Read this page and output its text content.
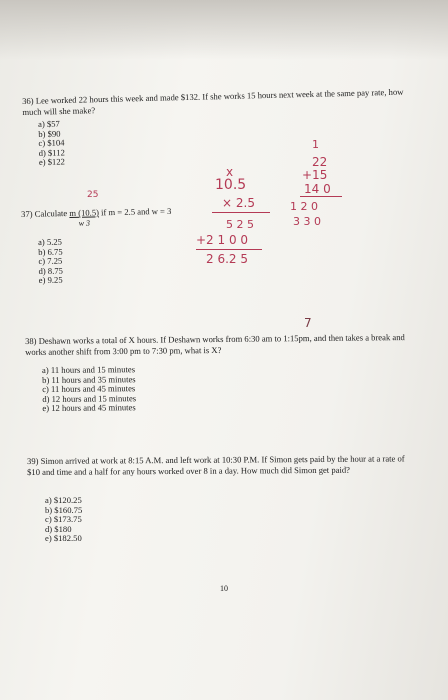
36) Lee worked 22 hours this week and made $132. If she works 15 hours next week at the same pay rate, how much will she make?
a) $57
b) $90
c) $104
d) $112
e) $122
37) Calculate $\frac{m (10.5)}{w 3}$ if m = 2.5 and w = 3
a) 5.25
b) 6.75
c) 7.25
d) 8.75
e) 9.25
1
22
+15
14 0
1 2 0
3 3 0
25
x
10.5
× 2.5
5 2 5
+2 1 0 0
2 6.2 5
7
38) Deshawn works a total of X hours. If Deshawn works from 6:30 am to 1:15pm, and then takes a break and works another shift from 3:00 pm to 7:30 pm, what is X?
a) 11 hours and 15 minutes
b) 11 hours and 35 minutes
c) 11 hours and 45 minutes
d) 12 hours and 15 minutes
e) 12 hours and 45 minutes
39) Simon arrived at work at 8:15 A.M. and left work at 10:30 P.M. If Simon gets paid by the hour at a rate of $10 and time and a half for any hours worked over 8 in a day. How much did Simon get paid?
a) $120.25
b) $160.75
c) $173.75
d) $180
e) $182.50
10
